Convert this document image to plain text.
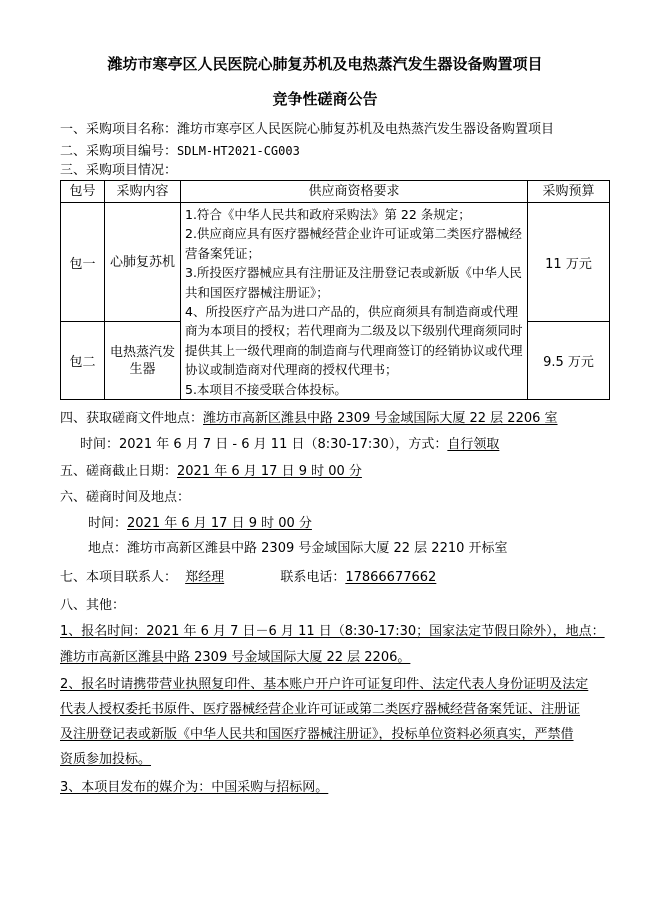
潍坊市寒亭区人民医院心肺复苏机及电热蒸汽发生器设备购置项目
竞争性磋商公告
一、采购项目名称：潍坊市寒亭区人民医院心肺复苏机及电热蒸汽发生器设备购置项目
二、采购项目编号：SDLM-HT2021-CG003
三、采购项目情况：
包号	采购内容	供应商资格要求	采购预算
包一	心肺复苏机	1.符合《中华人民共和政府采购法》第 22 条规定；
2.供应商应具有医疗器械经营企业许可证或第二类医疗器械经营备案凭证；
3.所投医疗器械应具有注册证及注册登记表或新版《中华人民共和国医疗器械注册证》；
4、所投医疗产品为进口产品的，供应商须具有制造商或代理商为本项目的授权；若代理商为二级及以下级别代理商须同时提供其上一级代理商的制造商与代理商签订的经销协议或代理协议或制造商对代理商的授权代理书；
5.本项目不接受联合体投标。	11 万元
包二	电热蒸汽发生器		9.5 万元
四、获取磋商文件地点：潍坊市高新区潍县中路 2309 号金域国际大厦 22 层 2206 室
时间：2021 年 6 月 7 日 - 6 月 11 日（8:30-17:30），方式：自行领取
五、磋商截止日期：2021 年 6 月 17 日 9 时 00 分
六、磋商时间及地点：
时间：2021 年 6 月 17 日 9 时 00 分
地点：潍坊市高新区潍县中路 2309 号金域国际大厦 22 层 2210 开标室
七、本项目联系人： 郑经理	联系电话：17866677662
八、其他：
1、报名时间：2021 年 6 月 7 日－6 月 11 日（8:30-17:30；国家法定节假日除外），地点：
潍坊市高新区潍县中路 2309 号金域国际大厦 22 层 2206。
2、报名时请携带营业执照复印件、基本账户开户许可证复印件、法定代表人身份证明及法定
代表人授权委托书原件、医疗器械经营企业许可证或第二类医疗器械经营备案凭证、注册证
及注册登记表或新版《中华人民共和国医疗器械注册证》，投标单位资料必须真实，严禁借
资质参加投标。
3、本项目发布的媒介为：中国采购与招标网。
